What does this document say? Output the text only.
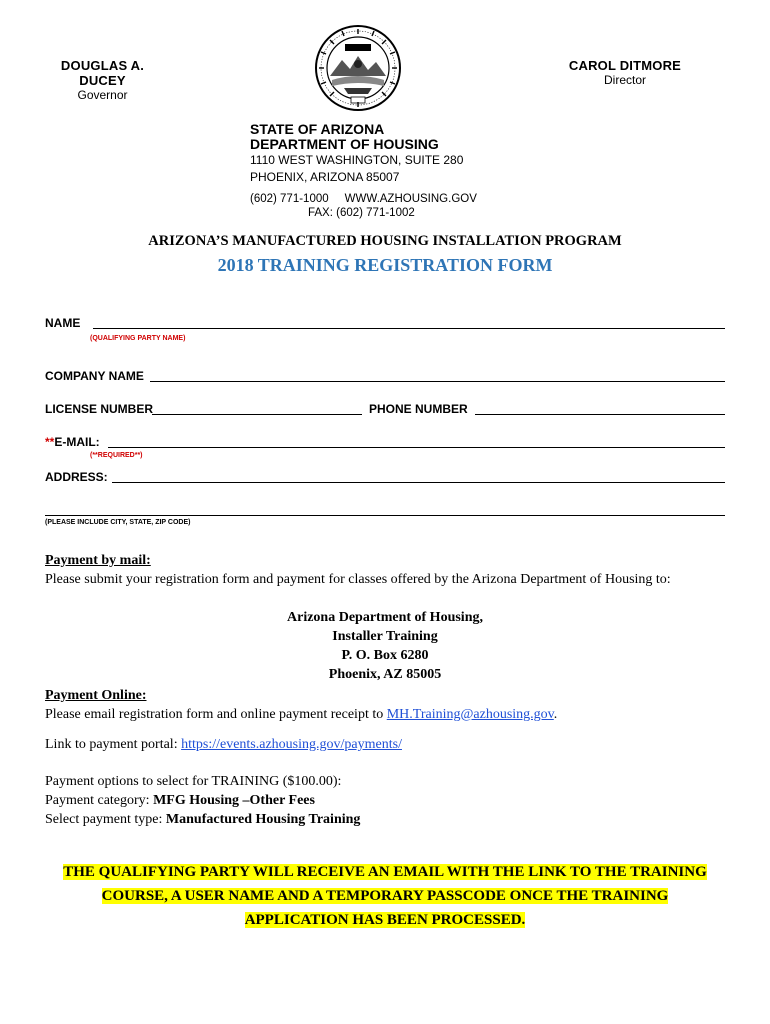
DOUGLAS A. DUCEY
Governor
CAROL DITMORE
Director
STATE OF ARIZONA
DEPARTMENT OF HOUSING
1110 WEST WASHINGTON, SUITE 280
PHOENIX, ARIZONA 85007
(602) 771-1000 WWW.AZHOUSING.GOV
FAX: (602) 771-1002
ARIZONA’S MANUFACTURED HOUSING INSTALLATION PROGRAM
2018 TRAINING REGISTRATION FORM
NAME
(QUALIFYING PARTY NAME)
COMPANY NAME
LICENSE NUMBER	PHONE NUMBER
**E-MAIL:
(**REQUIRED**)
ADDRESS:
(PLEASE INCLUDE CITY, STATE, ZIP CODE)
Payment by mail:
Please submit your registration form and payment for classes offered by the Arizona Department of Housing to:
Arizona Department of Housing,
Installer Training
P. O. Box 6280
Phoenix, AZ 85005
Payment Online:
Please email registration form and online payment receipt to MH.Training@azhousing.gov.
Link to payment portal: https://events.azhousing.gov/payments/
Payment options to select for TRAINING ($100.00):
Payment category: MFG Housing –Other Fees
Select payment type: Manufactured Housing Training
THE QUALIFYING PARTY WILL RECEIVE AN EMAIL WITH THE LINK TO THE TRAINING
COURSE, A USER NAME AND A TEMPORARY PASSCODE ONCE THE TRAINING
APPLICATION HAS BEEN PROCESSED.
